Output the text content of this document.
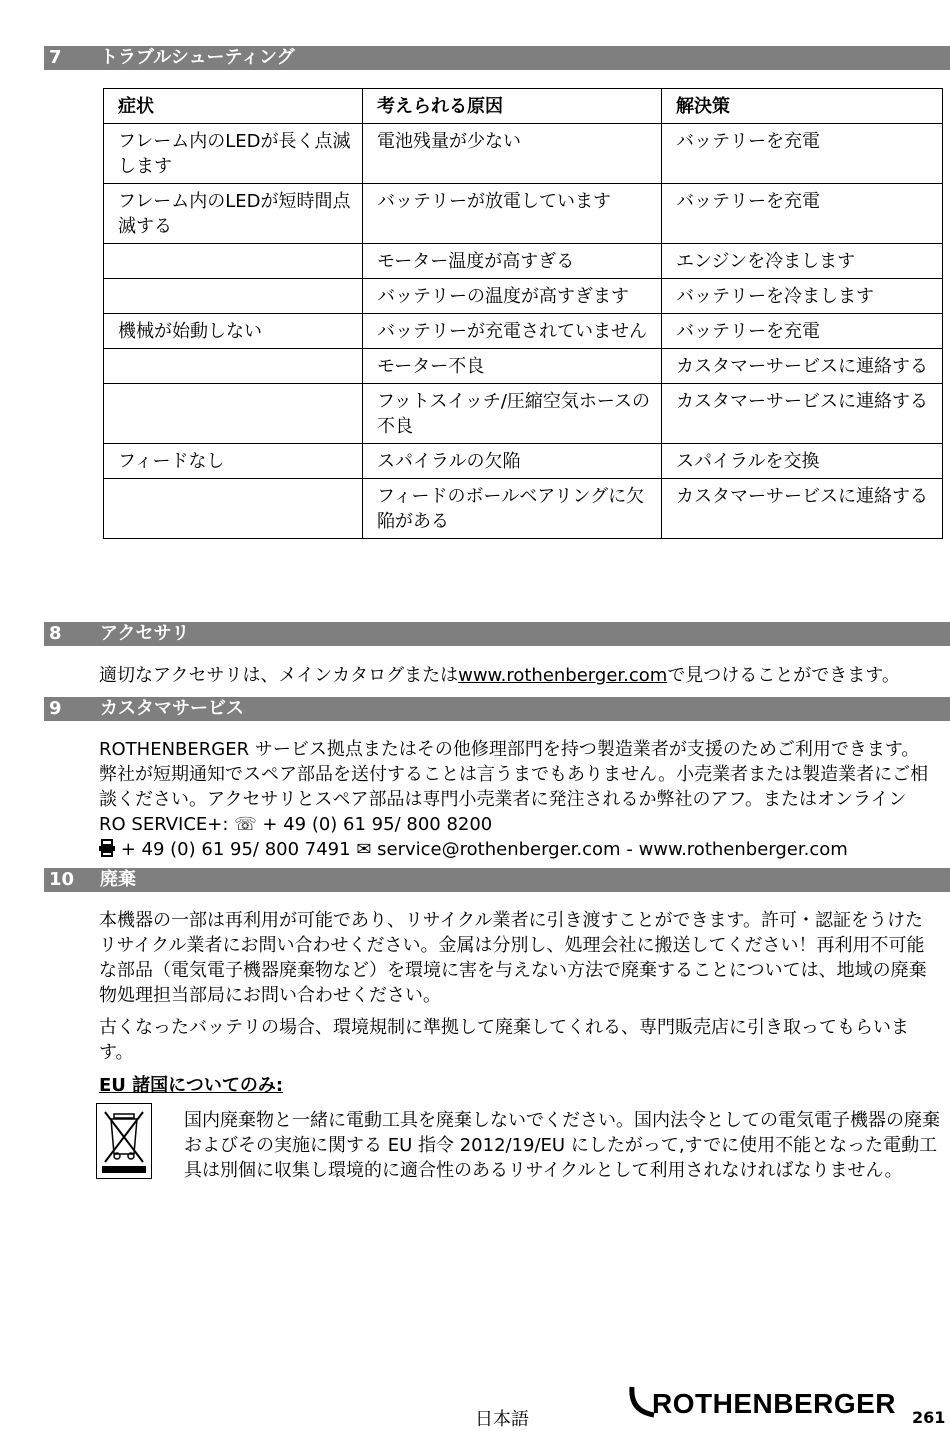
7 トラブルシューティング
症状	考えられる原因	解決策
フレーム内のLEDが長く点滅します	電池残量が少ない	バッテリーを充電
フレーム内のLEDが短時間点滅する	バッテリーが放電しています	バッテリーを充電
	モーター温度が高すぎる	エンジンを冷まします
	バッテリーの温度が高すぎます	バッテリーを冷まします
機械が始動しない	バッテリーが充電されていません	バッテリーを充電
	モーター不良	カスタマーサービスに連絡する
	フットスイッチ/圧縮空気ホースの不良	カスタマーサービスに連絡する
フィードなし	スパイラルの欠陥	スパイラルを交換
	フィードのボールベアリングに欠陥がある	カスタマーサービスに連絡する
8 アクセサリ
適切なアクセサリは、メインカタログまたはwww.rothenberger.comで見つけることができます。
9 カスタマサービス
ROTHENBERGER サービス拠点またはその他修理部門を持つ製造業者が支援のためご利用できます。弊社が短期通知でスペア部品を送付することは言うまでもありません。小売業者または製造業者にご相談ください。アクセサリとスペア部品は専門小売業者に発注されるか弊社のアフ。またはオンライン RO SERVICE+: ☏ + 49 (0) 61 95/ 800 8200
+ 49 (0) 61 95/ 800 7491 ✉ service@rothenberger.com - www.rothenberger.com
10 廃棄
本機器の一部は再利用が可能であり、リサイクル業者に引き渡すことができます。許可・認証をうけたリサイクル業者にお問い合わせください。金属は分別し、処理会社に搬送してください！再利用不可能な部品（電気電子機器廃棄物など）を環境に害を与えない方法で廃棄することについては、地域の廃棄物処理担当部局にお問い合わせください。
古くなったバッテリの場合、環境規制に準拠して廃棄してくれる、専門販売店に引き取ってもらいます。
EU 諸国についてのみ:
国内廃棄物と一緒に電動工具を廃棄しないでください。国内法令としての電気電子機器の廃棄およびその実施に関する EU 指令 2012/19/EU にしたがって,すでに使用不能となった電動工具は別個に収集し環境的に適合性のあるリサイクルとして利用されなければなりません。
日本語
ROTHENBERGER 261
